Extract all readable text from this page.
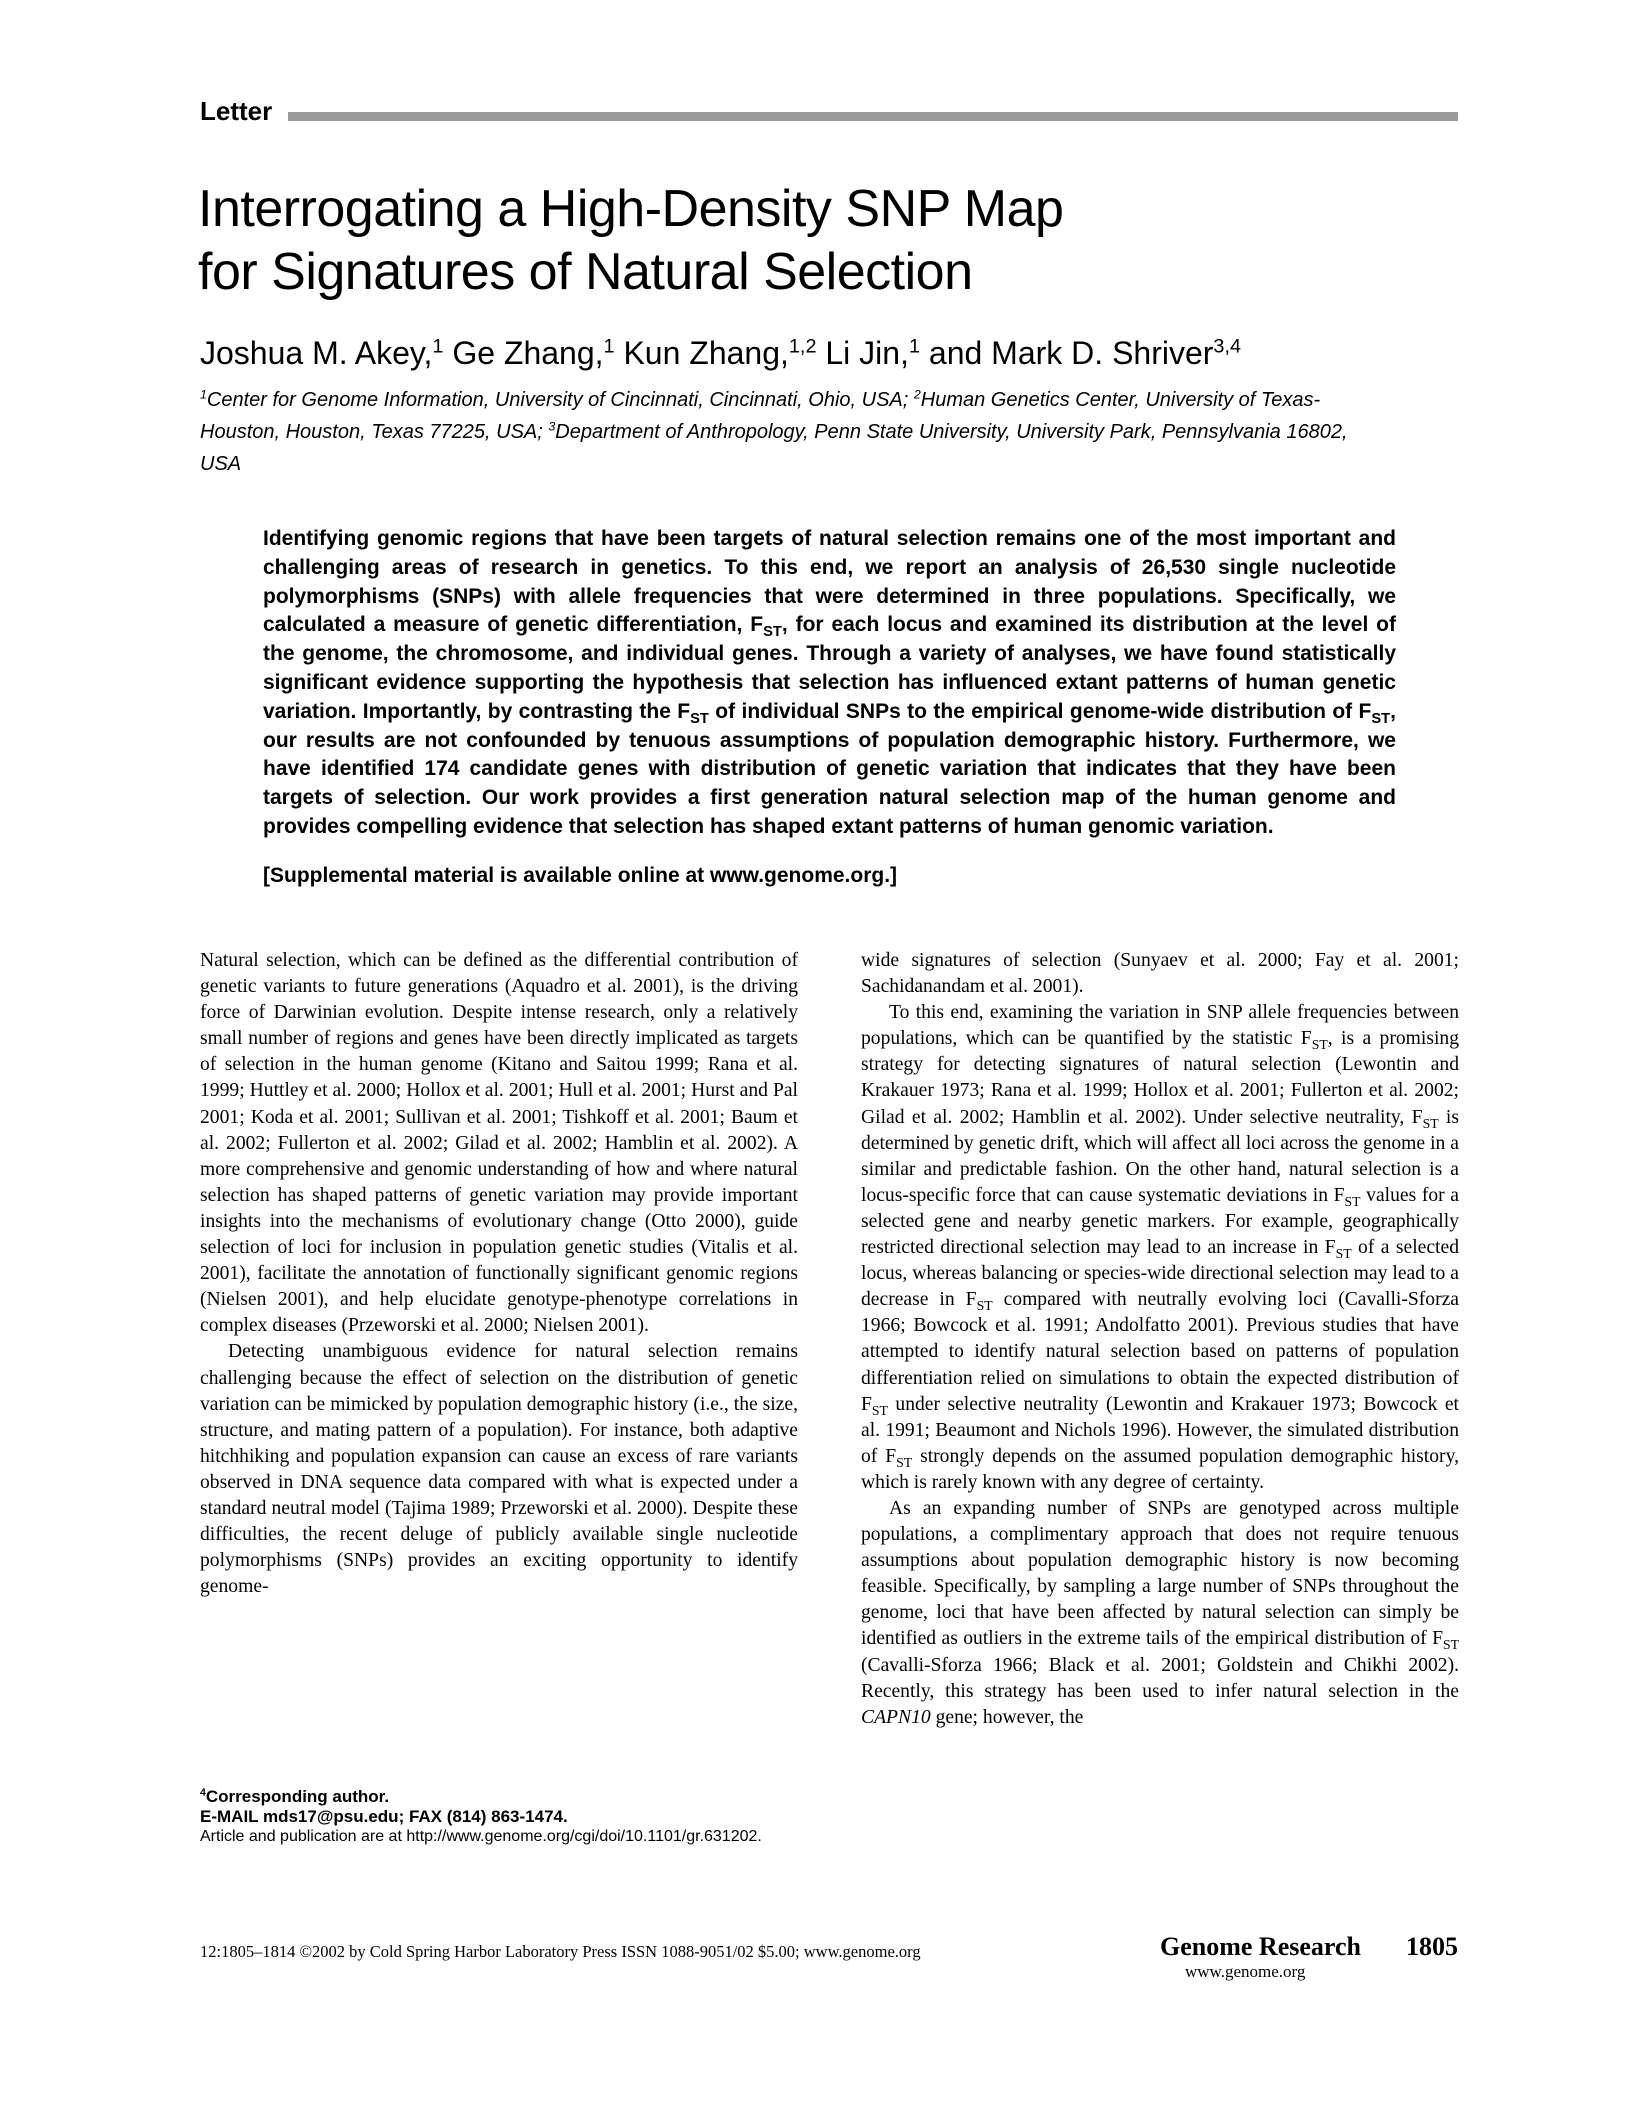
Letter
Interrogating a High-Density SNP Map
for Signatures of Natural Selection

Joshua M. Akey,$^1$ Ge Zhang,$^1$ Kun Zhang,$^{1,2}$ Li Jin,$^1$ and Mark D. Shriver$^{3,4}$

$^1$Center for Genome Information, University of Cincinnati, Cincinnati, Ohio, USA; $^2$Human Genetics Center, University of Texas-Houston, Houston, Texas 77225, USA; $^3$Department of Anthropology, Penn State University, University Park, Pennsylvania 16802, USA

Identifying genomic regions that have been targets of natural selection remains one of the most important and challenging areas of research in genetics. To this end, we report an analysis of 26,530 single nucleotide polymorphisms (SNPs) with allele frequencies that were determined in three populations. Specifically, we calculated a measure of genetic differentiation, $F_{ST}$, for each locus and examined its distribution at the level of the genome, the chromosome, and individual genes. Through a variety of analyses, we have found statistically significant evidence supporting the hypothesis that selection has influenced extant patterns of human genetic variation. Importantly, by contrasting the $F_{ST}$ of individual SNPs to the empirical genome-wide distribution of $F_{ST}$, our results are not confounded by tenuous assumptions of population demographic history. Furthermore, we have identified 174 candidate genes with distribution of genetic variation that indicates that they have been targets of selection. Our work provides a first generation natural selection map of the human genome and provides compelling evidence that selection has shaped extant patterns of human genomic variation.

[Supplemental material is available online at www.genome.org.]

Natural selection, which can be defined as the differential contribution of genetic variants to future generations (Aquadro et al. 2001), is the driving force of Darwinian evolution. Despite intense research, only a relatively small number of regions and genes have been directly implicated as targets of selection in the human genome (Kitano and Saitou 1999; Rana et al. 1999; Huttley et al. 2000; Hollox et al. 2001; Hull et al. 2001; Hurst and Pal 2001; Koda et al. 2001; Sullivan et al. 2001; Tishkoff et al. 2001; Baum et al. 2002; Fullerton et al. 2002; Gilad et al. 2002; Hamblin et al. 2002). A more comprehensive and genomic understanding of how and where natural selection has shaped patterns of genetic variation may provide important insights into the mechanisms of evolutionary change (Otto 2000), guide selection of loci for inclusion in population genetic studies (Vitalis et al. 2001), facilitate the annotation of functionally significant genomic regions (Nielsen 2001), and help elucidate genotype-phenotype correlations in complex diseases (Przeworski et al. 2000; Nielsen 2001).

Detecting unambiguous evidence for natural selection remains challenging because the effect of selection on the distribution of genetic variation can be mimicked by population demographic history (i.e., the size, structure, and mating pattern of a population). For instance, both adaptive hitchhiking and population expansion can cause an excess of rare variants observed in DNA sequence data compared with what is expected under a standard neutral model (Tajima 1989; Przeworski et al. 2000). Despite these difficulties, the recent deluge of publicly available single nucleotide polymorphisms (SNPs) provides an exciting opportunity to identify genome-

wide signatures of selection (Sunyaev et al. 2000; Fay et al. 2001; Sachidanandam et al. 2001).

To this end, examining the variation in SNP allele frequencies between populations, which can be quantified by the statistic $F_{ST}$, is a promising strategy for detecting signatures of natural selection (Lewontin and Krakauer 1973; Rana et al. 1999; Hollox et al. 2001; Fullerton et al. 2002; Gilad et al. 2002; Hamblin et al. 2002). Under selective neutrality, $F_{ST}$ is determined by genetic drift, which will affect all loci across the genome in a similar and predictable fashion. On the other hand, natural selection is a locus-specific force that can cause systematic deviations in $F_{ST}$ values for a selected gene and nearby genetic markers. For example, geographically restricted directional selection may lead to an increase in $F_{ST}$ of a selected locus, whereas balancing or species-wide directional selection may lead to a decrease in $F_{ST}$ compared with neutrally evolving loci (Cavalli-Sforza 1966; Bowcock et al. 1991; Andolfatto 2001). Previous studies that have attempted to identify natural selection based on patterns of population differentiation relied on simulations to obtain the expected distribution of $F_{ST}$ under selective neutrality (Lewontin and Krakauer 1973; Bowcock et al. 1991; Beaumont and Nichols 1996). However, the simulated distribution of $F_{ST}$ strongly depends on the assumed population demographic history, which is rarely known with any degree of certainty.

As an expanding number of SNPs are genotyped across multiple populations, a complimentary approach that does not require tenuous assumptions about population demographic history is now becoming feasible. Specifically, by sampling a large number of SNPs throughout the genome, loci that have been affected by natural selection can simply be identified as outliers in the extreme tails of the empirical distribution of $F_{ST}$ (Cavalli-Sforza 1966; Black et al. 2001; Goldstein and Chikhi 2002). Recently, this strategy has been used to infer natural selection in the CAPN10 gene; however, the

$^4$Corresponding author.
E-MAIL mds17@psu.edu; FAX (814) 863-1474.
Article and publication are at http://www.genome.org/cgi/doi/10.1101/gr.631202.
12:1805–1814 ©2002 by Cold Spring Harbor Laboratory Press ISSN 1088-9051/02 $5.00; www.genome.org	Genome Research 1805
www.genome.org
